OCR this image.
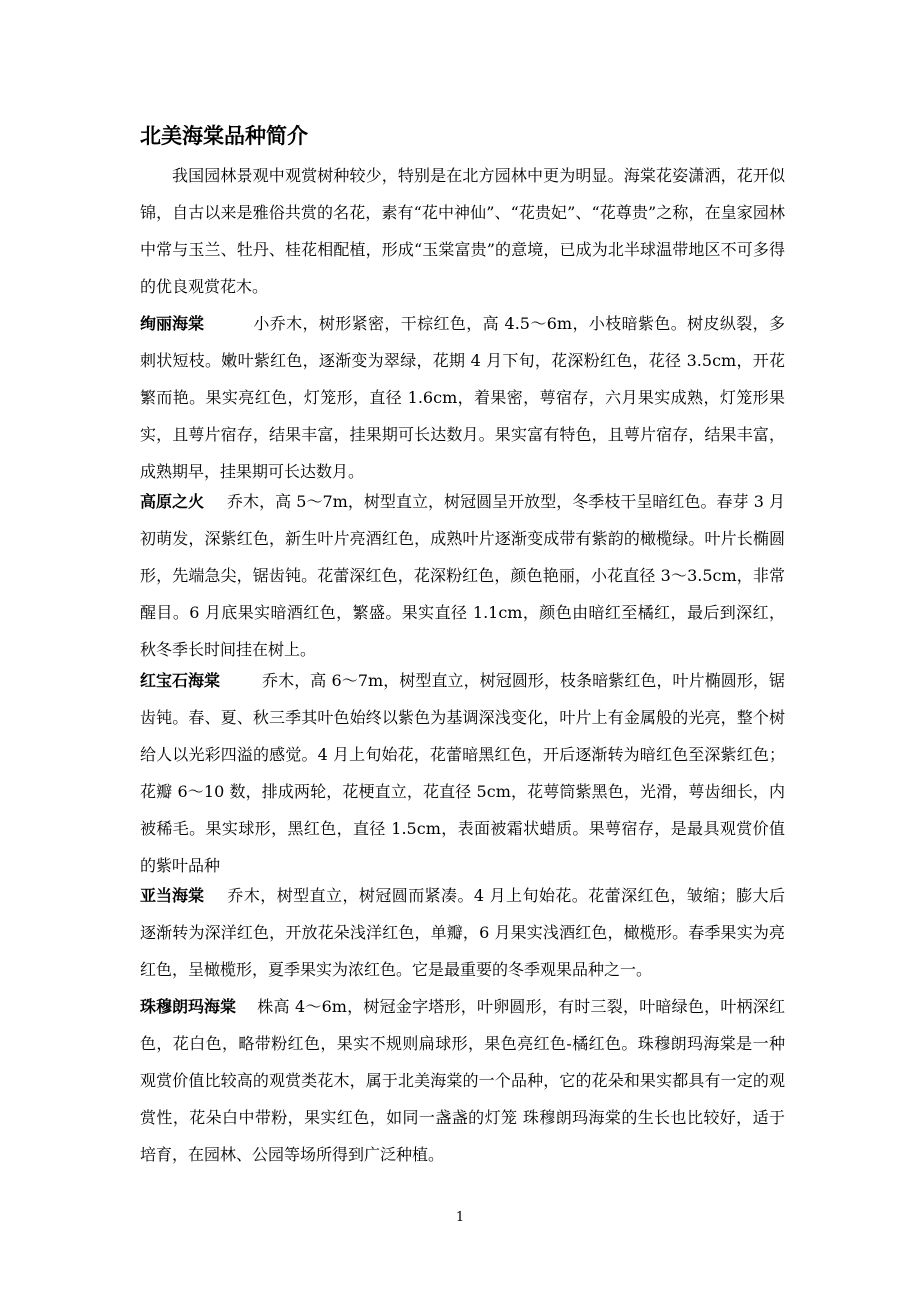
北美海棠品种简介

我国园林景观中观赏树种较少，特别是在北方园林中更为明显。海棠花姿潇洒，花开似锦，自古以来是雅俗共赏的名花，素有“花中神仙”、“花贵妃”、“花尊贵”之称，在皇家园林中常与玉兰、牡丹、桂花相配植，形成“玉棠富贵”的意境，已成为北半球温带地区不可多得的优良观赏花木。

绚丽海棠	小乔木，树形紧密，干棕红色，高 4.5～6m，小枝暗紫色。树皮纵裂，多刺状短枝。嫩叶紫红色，逐渐变为翠绿，花期 4 月下旬，花深粉红色，花径 3.5cm，开花繁而艳。果实亮红色，灯笼形，直径 1.6cm，着果密，萼宿存，六月果实成熟，灯笼形果实，且萼片宿存，结果丰富，挂果期可长达数月。果实富有特色，且萼片宿存，结果丰富，成熟期早，挂果期可长达数月。
高原之火 乔木，高 5～7m，树型直立，树冠圆呈开放型，冬季枝干呈暗红色。春芽 3 月初萌发，深紫红色，新生叶片亮酒红色，成熟叶片逐渐变成带有紫韵的橄榄绿。叶片长椭圆形，先端急尖，锯齿钝。花蕾深红色，花深粉红色，颜色艳丽，小花直径 3～3.5cm，非常醒目。6 月底果实暗酒红色，繁盛。果实直径 1.1cm，颜色由暗红至橘红，最后到深红，秋冬季长时间挂在树上。
红宝石海棠	乔木，高 6～7m，树型直立，树冠圆形，枝条暗紫红色，叶片椭圆形，锯齿钝。春、夏、秋三季其叶色始终以紫色为基调深浅变化，叶片上有金属般的光亮，整个树给人以光彩四溢的感觉。4 月上旬始花，花蕾暗黑红色，开后逐渐转为暗红色至深紫红色；花瓣 6～10 数，排成两轮，花梗直立，花直径 5cm，花萼筒紫黑色，光滑，萼齿细长，内被稀毛。果实球形，黑红色，直径 1.5cm，表面被霜状蜡质。果萼宿存，是最具观赏价值的紫叶品种
亚当海棠 乔木，树型直立，树冠圆而紧凑。4 月上旬始花。花蕾深红色，皱缩；膨大后逐渐转为深洋红色，开放花朵浅洋红色，单瓣，6 月果实浅酒红色，橄榄形。春季果实为亮红色，呈橄榄形，夏季果实为浓红色。它是最重要的冬季观果品种之一。
珠穆朗玛海棠 株高 4～6m，树冠金字塔形，叶卵圆形，有时三裂，叶暗绿色，叶柄深红色，花白色，略带粉红色，果实不规则扁球形，果色亮红色-橘红色。珠穆朗玛海棠是一种观赏价值比较高的观赏类花木，属于北美海棠的一个品种，它的花朵和果实都具有一定的观赏性，花朵白中带粉，果实红色，如同一盏盏的灯笼 珠穆朗玛海棠的生长也比较好，适于培育，在园林、公园等场所得到广泛种植。
1
